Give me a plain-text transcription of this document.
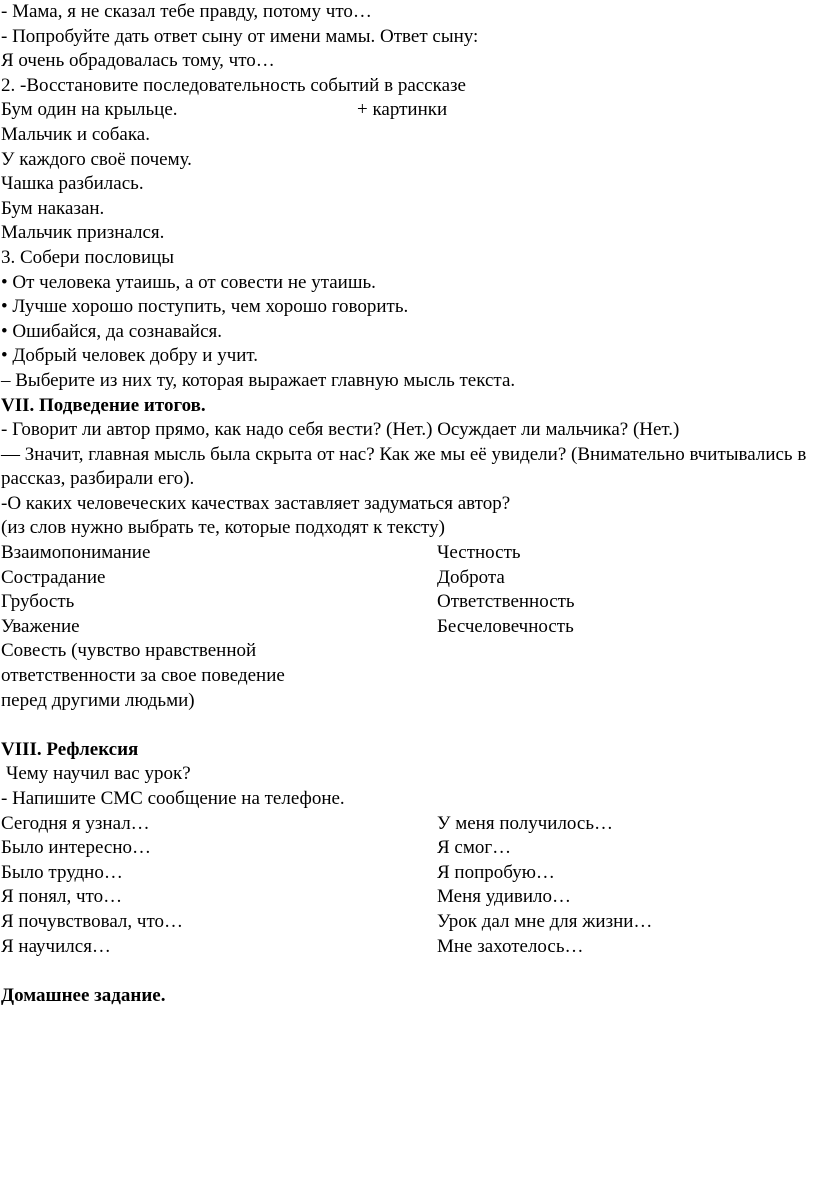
- Мама, я не сказал тебе правду, потому что…
- Попробуйте дать ответ сыну от имени мамы. Ответ сыну:
Я очень обрадовалась тому, что…
2. -Восстановите последовательность событий в рассказе
Бум один на крыльце.	+ картинки
Мальчик и собака.
У каждого своё почему.
Чашка разбилась.
Бум наказан.
Мальчик признался.
3. Собери пословицы
• От человека утаишь, а от совести не утаишь.
• Лучше хорошо поступить, чем хорошо говорить.
• Ошибайся, да сознавайся.
• Добрый человек добру и учит.
– Выберите из них ту, которая выражает главную мысль текста.
VII. Подведение итогов.
- Говорит ли автор прямо, как надо себя вести? (Нет.) Осуждает ли мальчика? (Нет.)
— Значит, главная мысль была скрыта от нас? Как же мы её увидели? (Внимательно вчитывались в рассказ, разбирали его).
-О каких человеческих качествах заставляет задуматься автор?
(из слов нужно выбрать те, которые подходят к тексту)
Взаимопонимание	Честность
Сострадание	Доброта
Грубость	Ответственность
Уважение	Бесчеловечность
Совесть (чувство нравственной
ответственности за свое поведение
перед другими людьми)
VIII. Рефлексия
Чему научил вас урок?
- Напишите СМС сообщение на телефоне.
Сегодня я узнал…	У меня получилось…
Было интересно…	Я смог…
Было трудно…	Я попробую…
Я понял, что…	Меня удивило…
Я почувствовал, что…	Урок дал мне для жизни…
Я научился…	Мне захотелось…
Домашнее задание.
